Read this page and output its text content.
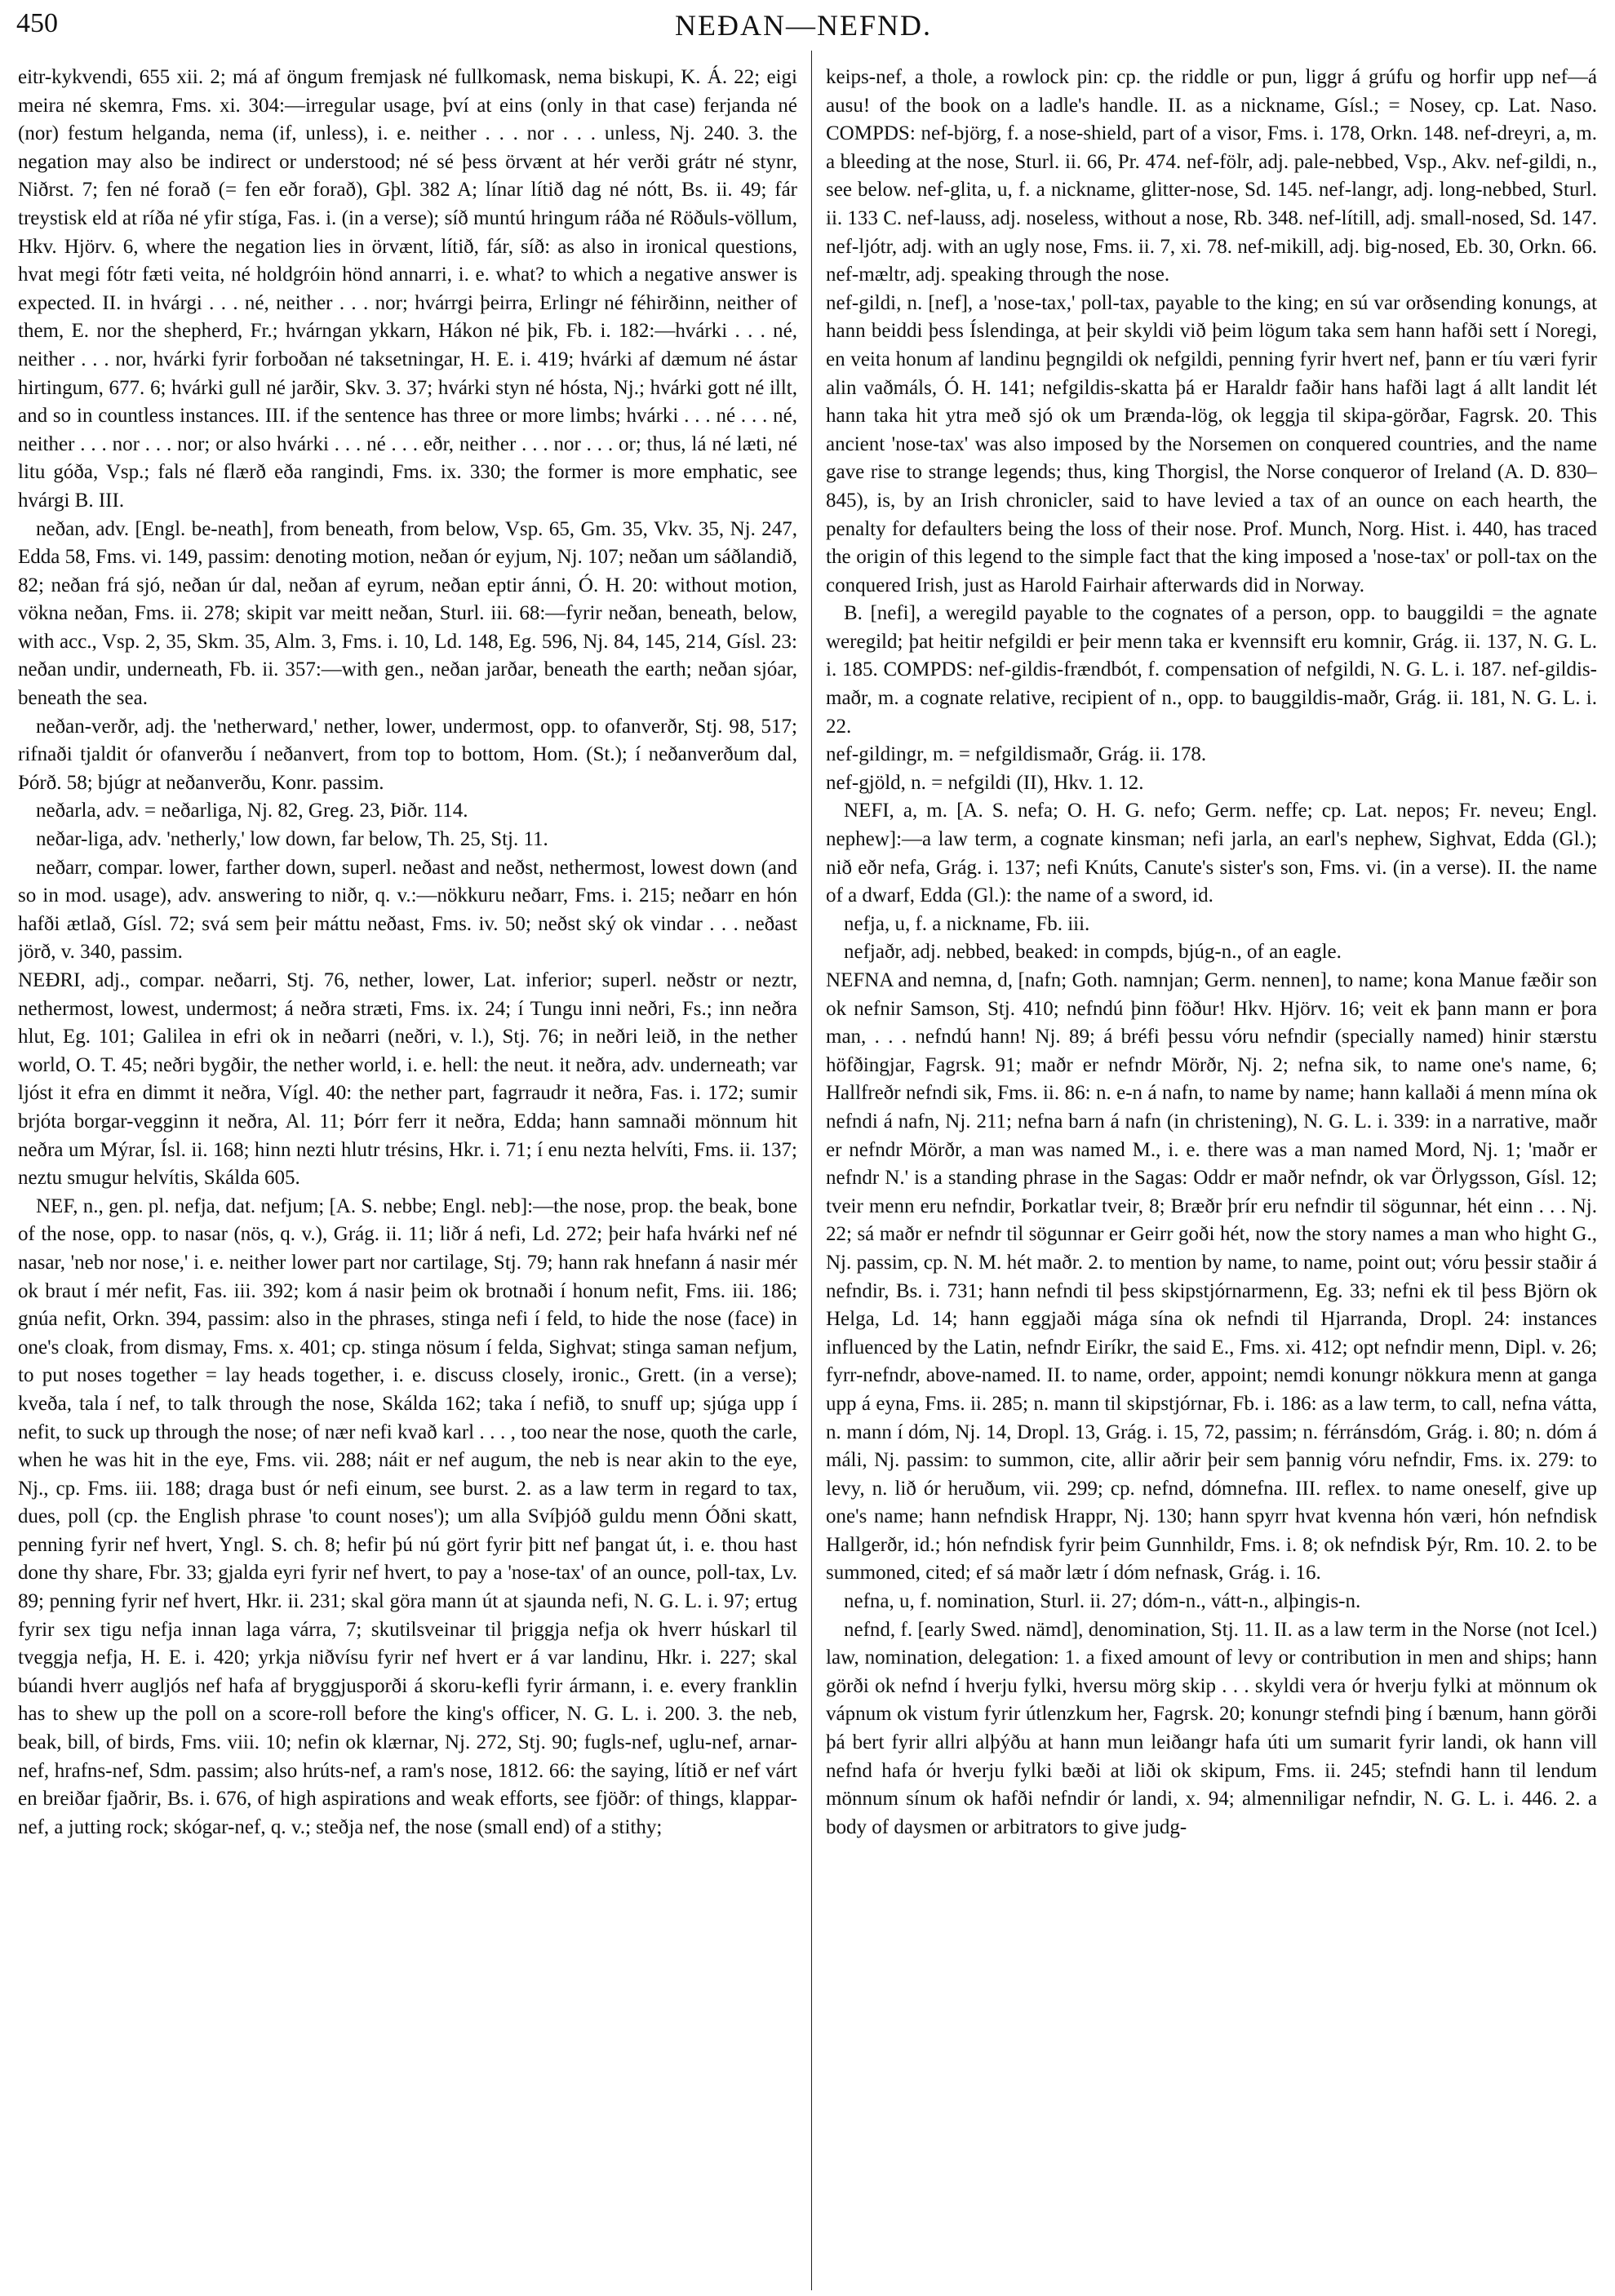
450	NEÐAN—NEFND.

eitr-kykvendi, 655 xii. 2; má af öngum fremjask né fullkomask, nema biskupi, K. Á. 22; eigi meira né skemra, Fms. xi. 304:—irregular usage, því at eins (only in that case) ferjanda né (nor) festum helganda, nema (if, unless), i. e. neither . . . nor . . . unless, Nj. 240. 3. the negation may also be indirect or understood; né sé þess örvænt at hér verði grátr né stynr, Niðrst. 7; fen né forað (= fen eðr forað), Gþl. 382 A; línar lítið dag né nótt, Bs. ii. 49; fár treystisk eld at ríða né yfir stíga, Fas. i. (in a verse); síð muntú hringum ráða né Röðuls-völlum, Hkv. Hjörv. 6, where the negation lies in örvænt, lítið, fár, síð: as also in ironical questions, hvat megi fótr fæti veita, né holdgróin hönd annarri, i. e. what? to which a negative answer is expected. II. in hvárgi . . . né, neither . . . nor; hvárrgi þeirra, Erlingr né féhirðinn, neither of them, E. nor the shepherd, Fr.; hvárngan ykkarn, Hákon né þik, Fb. i. 182:—hvárki . . . né, neither . . . nor, hvárki fyrir forboðan né taksetningar, H. E. i. 419; hvárki af dæmum né ástar hirtingum, 677. 6; hvárki gull né jarðir, Skv. 3. 37; hvárki styn né hósta, Nj.; hvárki gott né illt, and so in countless instances. III. if the sentence has three or more limbs; hvárki . . . né . . . né, neither . . . nor . . . nor; or also hvárki . . . né . . . eðr, neither . . . nor . . . or; thus, lá né læti, né litu góða, Vsp.; fals né flærð eða rangindi, Fms. ix. 330; the former is more emphatic, see hvárgi B. III.

neðan, adv. [Engl. be-neath], from beneath, from below, Vsp. 65, Gm. 35, Vkv. 35, Nj. 247, Edda 58, Fms. vi. 149, passim: denoting motion, neðan ór eyjum, Nj. 107; neðan um sáðlandið, 82; neðan frá sjó, neðan úr dal, neðan af eyrum, neðan eptir ánni, Ó. H. 20: without motion, vökna neðan, Fms. ii. 278; skipit var meitt neðan, Sturl. iii. 68:—fyrir neðan, beneath, below, with acc., Vsp. 2, 35, Skm. 35, Alm. 3, Fms. i. 10, Ld. 148, Eg. 596, Nj. 84, 145, 214, Gísl. 23: neðan undir, underneath, Fb. ii. 357:—with gen., neðan jarðar, beneath the earth; neðan sjóar, beneath the sea.

neðan-verðr, adj. the 'netherward,' nether, lower, undermost, opp. to ofanverðr, Stj. 98, 517; rifnaði tjaldit ór ofanverðu í neðanvert, from top to bottom, Hom. (St.); í neðanverðum dal, Þórð. 58; bjúgr at neðanverðu, Konr. passim.

neðarla, adv. = neðarliga, Nj. 82, Greg. 23, Þiðr. 114.

neðar-liga, adv. 'netherly,' low down, far below, Th. 25, Stj. 11.

neðarr, compar. lower, farther down, superl. neðast and neðst, nethermost, lowest down (and so in mod. usage), adv. answering to niðr, q. v.:—nökkuru neðarr, Fms. i. 215; neðarr en hón hafði ætlað, Gísl. 72; svá sem þeir máttu neðast, Fms. iv. 50; neðst ský ok vindar . . . neðast jörð, v. 340, passim.

NEÐRI, adj., compar. neðarri, Stj. 76, nether, lower, Lat. inferior; superl. neðstr or neztr, nethermost, lowest, undermost; á neðra stræti, Fms. ix. 24; í Tungu inni neðri, Fs.; inn neðra hlut, Eg. 101; Galilea in efri ok in neðarri (neðri, v. l.), Stj. 76; in neðri leið, in the nether world, O. T. 45; neðri bygðir, the nether world, i. e. hell: the neut. it neðra, adv. underneath; var ljóst it efra en dimmt it neðra, Vígl. 40: the nether part, fagrraudr it neðra, Fas. i. 172; sumir brjóta borgar-vegginn it neðra, Al. 11; Þórr ferr it neðra, Edda; hann samnaði mönnum hit neðra um Mýrar, Ísl. ii. 168; hinn nezti hlutr trésins, Hkr. i. 71; í enu nezta helvíti, Fms. ii. 137; neztu smugur helvítis, Skálda 605.

NEF, n., gen. pl. nefja, dat. nefjum; [A. S. nebbe; Engl. neb]:—the nose, prop. the beak, bone of the nose, opp. to nasar (nös, q. v.), Grág. ii. 11; liðr á nefi, Ld. 272; þeir hafa hvárki nef né nasar, 'neb nor nose,' i. e. neither lower part nor cartilage, Stj. 79; hann rak hnefann á nasir mér ok braut í mér nefit, Fas. iii. 392; kom á nasir þeim ok brotnaði í honum nefit, Fms. iii. 186; gnúa nefit, Orkn. 394, passim: also in the phrases, stinga nefi í feld, to hide the nose (face) in one's cloak, from dismay, Fms. x. 401; cp. stinga nösum í felda, Sighvat; stinga saman nefjum, to put noses together = lay heads together, i. e. discuss closely, ironic., Grett. (in a verse); kveða, tala í nef, to talk through the nose, Skálda 162; taka í nefið, to snuff up; sjúga upp í nefit, to suck up through the nose; of nær nefi kvað karl . . . , too near the nose, quoth the carle, when he was hit in the eye, Fms. vii. 288; náit er nef augum, the neb is near akin to the eye, Nj., cp. Fms. iii. 188; draga bust ór nefi einum, see burst. 2. as a law term in regard to tax, dues, poll (cp. the English phrase 'to count noses'); um alla Svíþjóð guldu menn Óðni skatt, penning fyrir nef hvert, Yngl. S. ch. 8; hefir þú nú gört fyrir þitt nef þangat út, i. e. thou hast done thy share, Fbr. 33; gjalda eyri fyrir nef hvert, to pay a 'nose-tax' of an ounce, poll-tax, Lv. 89; penning fyrir nef hvert, Hkr. ii. 231; skal göra mann út at sjaunda nefi, N. G. L. i. 97; ertug fyrir sex tigu nefja innan laga várra, 7; skutilsveinar til þriggja nefja ok hverr húskarl til tveggja nefja, H. E. i. 420; yrkja niðvísu fyrir nef hvert er á var landinu, Hkr. i. 227; skal búandi hverr augljós nef hafa af bryggjusporði á skoru-kefli fyrir ármann, i. e. every franklin has to shew up the poll on a score-roll before the king's officer, N. G. L. i. 200. 3. the neb, beak, bill, of birds, Fms. viii. 10; nefin ok klærnar, Nj. 272, Stj. 90; fugls-nef, uglu-nef, arnar-nef, hrafns-nef, Sdm. passim; also hrúts-nef, a ram's nose, 1812. 66: the saying, lítið er nef várt en breiðar fjaðrir, Bs. i. 676, of high aspirations and weak efforts, see fjöðr: of things, klappar-nef, a jutting rock; skógar-nef, q. v.; steðja nef, the nose (small end) of a stithy;

keips-nef, a thole, a rowlock pin: cp. the riddle or pun, liggr á grúfu og horfir upp nef—á ausu! of the book on a ladle's handle. II. as a nickname, Gísl.; = Nosey, cp. Lat. Naso. COMPDS: nef-björg, f. a nose-shield, part of a visor, Fms. i. 178, Orkn. 148. nef-dreyri, a, m. a bleeding at the nose, Sturl. ii. 66, Pr. 474. nef-fölr, adj. pale-nebbed, Vsp., Akv. nef-gildi, n., see below. nef-glita, u, f. a nickname, glitter-nose, Sd. 145. nef-langr, adj. long-nebbed, Sturl. ii. 133 C. nef-lauss, adj. noseless, without a nose, Rb. 348. nef-lítill, adj. small-nosed, Sd. 147. nef-ljótr, adj. with an ugly nose, Fms. ii. 7, xi. 78. nef-mikill, adj. big-nosed, Eb. 30, Orkn. 66. nef-mæltr, adj. speaking through the nose.

nef-gildi, n. [nef], a 'nose-tax,' poll-tax, payable to the king; en sú var orðsending konungs, at hann beiddi þess Íslendinga, at þeir skyldi við þeim lögum taka sem hann hafði sett í Noregi, en veita honum af landinu þegngildi ok nefgildi, penning fyrir hvert nef, þann er tíu væri fyrir alin vaðmáls, Ó. H. 141; nefgildis-skatta þá er Haraldr faðir hans hafði lagt á allt landit lét hann taka hit ytra með sjó ok um Þrænda-lög, ok leggja til skipa-görðar, Fagrsk. 20. This ancient 'nose-tax' was also imposed by the Norsemen on conquered countries, and the name gave rise to strange legends; thus, king Thorgisl, the Norse conqueror of Ireland (A. D. 830–845), is, by an Irish chronicler, said to have levied a tax of an ounce on each hearth, the penalty for defaulters being the loss of their nose. Prof. Munch, Norg. Hist. i. 440, has traced the origin of this legend to the simple fact that the king imposed a 'nose-tax' or poll-tax on the conquered Irish, just as Harold Fairhair afterwards did in Norway.

B. [nefi], a weregild payable to the cognates of a person, opp. to bauggildi = the agnate weregild; þat heitir nefgildi er þeir menn taka er kvennsift eru komnir, Grág. ii. 137, N. G. L. i. 185. COMPDS: nef-gildis-frændbót, f. compensation of nefgildi, N. G. L. i. 187. nef-gildis-maðr, m. a cognate relative, recipient of n., opp. to bauggildis-maðr, Grág. ii. 181, N. G. L. i. 22.

nef-gildingr, m. = nefgildismaðr, Grág. ii. 178.

nef-gjöld, n. = nefgildi (II), Hkv. 1. 12.

NEFI, a, m. [A. S. nefa; O. H. G. nefo; Germ. neffe; cp. Lat. nepos; Fr. neveu; Engl. nephew]:—a law term, a cognate kinsman; nefi jarla, an earl's nephew, Sighvat, Edda (Gl.); nið eðr nefa, Grág. i. 137; nefi Knúts, Canute's sister's son, Fms. vi. (in a verse). II. the name of a dwarf, Edda (Gl.): the name of a sword, id.

nefja, u, f. a nickname, Fb. iii.

nefjaðr, adj. nebbed, beaked: in compds, bjúg-n., of an eagle.

NEFNA and nemna, d, [nafn; Goth. namnjan; Germ. nennen], to name; kona Manue fæðir son ok nefnir Samson, Stj. 410; nefndú þinn föður! Hkv. Hjörv. 16; veit ek þann mann er þora man, . . . nefndú hann! Nj. 89; á bréfi þessu vóru nefndir (specially named) hinir stærstu höfðingjar, Fagrsk. 91; maðr er nefndr Mörðr, Nj. 2; nefna sik, to name one's name, 6; Hallfreðr nefndi sik, Fms. ii. 86: n. e-n á nafn, to name by name; hann kallaði á menn mína ok nefndi á nafn, Nj. 211; nefna barn á nafn (in christening), N. G. L. i. 339: in a narrative, maðr er nefndr Mörðr, a man was named M., i. e. there was a man named Mord, Nj. 1; 'maðr er nefndr N.' is a standing phrase in the Sagas: Oddr er maðr nefndr, ok var Örlygsson, Gísl. 12; tveir menn eru nefndir, Þorkatlar tveir, 8; Bræðr þrír eru nefndir til sögunnar, hét einn . . . Nj. 22; sá maðr er nefndr til sögunnar er Geirr goði hét, now the story names a man who hight G., Nj. passim, cp. N. M. hét maðr. 2. to mention by name, to name, point out; vóru þessir staðir á nefndir, Bs. i. 731; hann nefndi til þess skipstjórnarmenn, Eg. 33; nefni ek til þess Björn ok Helga, Ld. 14; hann eggjaði mága sína ok nefndi til Hjarranda, Dropl. 24: instances influenced by the Latin, nefndr Eiríkr, the said E., Fms. xi. 412; opt nefndir menn, Dipl. v. 26; fyrr-nefndr, above-named. II. to name, order, appoint; nemdi konungr nökkura menn at ganga upp á eyna, Fms. ii. 285; n. mann til skipstjórnar, Fb. i. 186: as a law term, to call, nefna vátta, n. mann í dóm, Nj. 14, Dropl. 13, Grág. i. 15, 72, passim; n. férránsdóm, Grág. i. 80; n. dóm á máli, Nj. passim: to summon, cite, allir aðrir þeir sem þannig vóru nefndir, Fms. ix. 279: to levy, n. lið ór heruðum, vii. 299; cp. nefnd, dómnefna. III. reflex. to name oneself, give up one's name; hann nefndisk Hrappr, Nj. 130; hann spyrr hvat kvenna hón væri, hón nefndisk Hallgerðr, id.; hón nefndisk fyrir þeim Gunnhildr, Fms. i. 8; ok nefndisk Þýr, Rm. 10. 2. to be summoned, cited; ef sá maðr lætr í dóm nefnask, Grág. i. 16.

nefna, u, f. nomination, Sturl. ii. 27; dóm-n., vátt-n., alþingis-n.

nefnd, f. [early Swed. nämd], denomination, Stj. 11. II. as a law term in the Norse (not Icel.) law, nomination, delegation: 1. a fixed amount of levy or contribution in men and ships; hann görði ok nefnd í hverju fylki, hversu mörg skip . . . skyldi vera ór hverju fylki at mönnum ok vápnum ok vistum fyrir útlenzkum her, Fagrsk. 20; konungr stefndi þing í bænum, hann görði þá bert fyrir allri alþýðu at hann mun leiðangr hafa úti um sumarit fyrir landi, ok hann vill nefnd hafa ór hverju fylki bæði at liði ok skipum, Fms. ii. 245; stefndi hann til lendum mönnum sínum ok hafði nefndir ór landi, x. 94; almenniligar nefndir, N. G. L. i. 446. 2. a body of daysmen or arbitrators to give judg-
